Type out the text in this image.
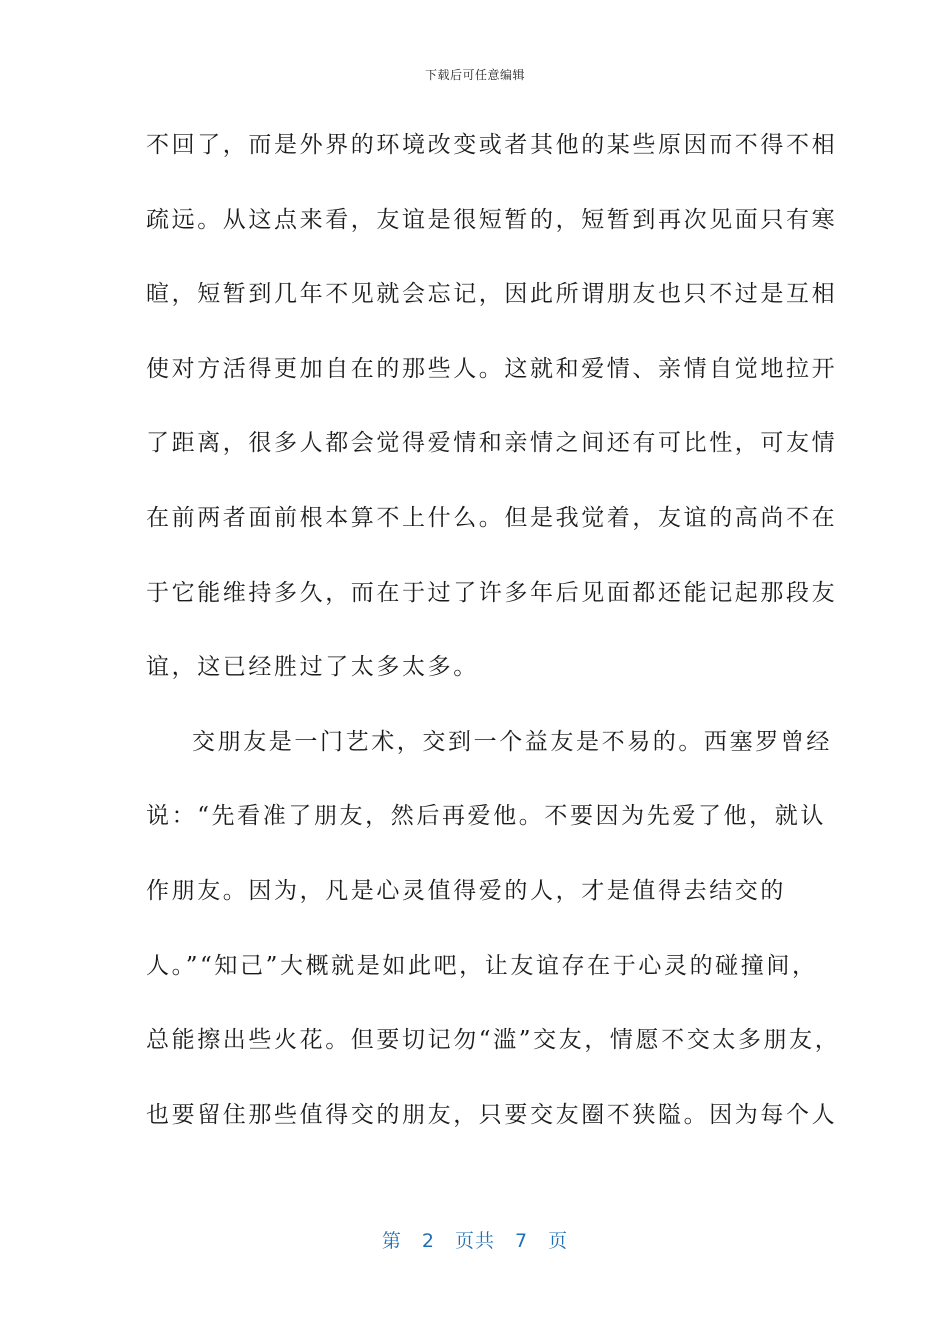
下载后可任意编辑
不回了，而是外界的环境改变或者其他的某些原因而不得不相
疏远。从这点来看，友谊是很短暂的，短暂到再次见面只有寒
暄，短暂到几年不见就会忘记，因此所谓朋友也只不过是互相
使对方活得更加自在的那些人。这就和爱情、亲情自觉地拉开
了距离，很多人都会觉得爱情和亲情之间还有可比性，可友情
在前两者面前根本算不上什么。但是我觉着，友谊的高尚不在
于它能维持多久，而在于过了许多年后见面都还能记起那段友
谊，这已经胜过了太多太多。
交朋友是一门艺术，交到一个益友是不易的。西塞罗曾经
说：“先看准了朋友，然后再爱他。不要因为先爱了他，就认
作朋友。因为，凡是心灵值得爱的人，才是值得去结交的
人。”“知己”大概就是如此吧，让友谊存在于心灵的碰撞间，
总能擦出些火花。但要切记勿“滥”交友，情愿不交太多朋友，
也要留住那些值得交的朋友，只要交友圈不狭隘。因为每个人
第 2 页共 7 页
